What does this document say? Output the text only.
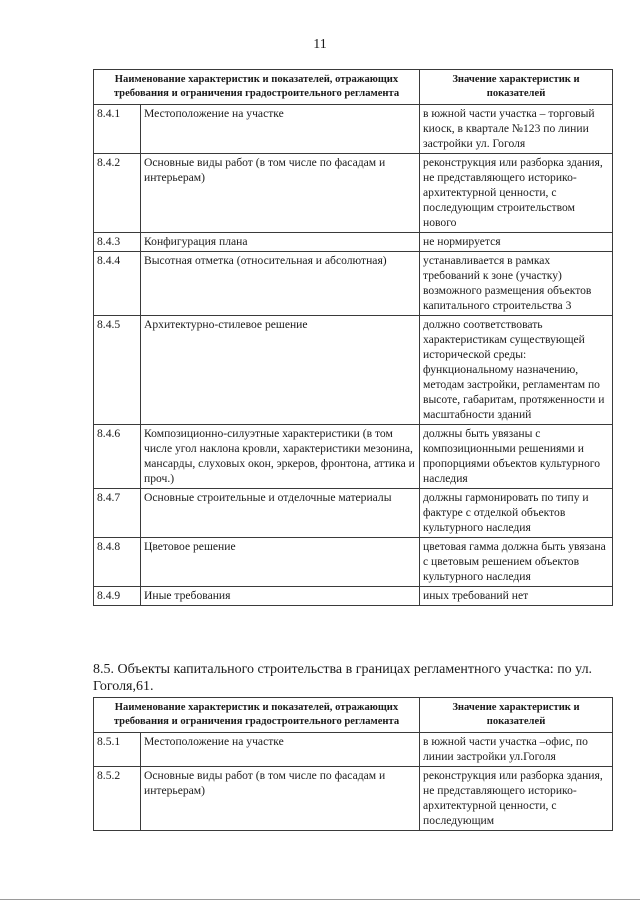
11
Наименование характеристик и показателей, отражающих требования и ограничения градостроительного регламента		Значение характеристик и показателей
8.4.1	Местоположение на участке	в южной части участка – торговый киоск, в квартале №123 по линии застройки ул. Гоголя
8.4.2	Основные виды работ (в том числе по фасадам и интерьерам)	реконструкция или разборка здания, не представляющего историко-архитектурной ценности, с последующим строительством нового
8.4.3	Конфигурация плана	не нормируется
8.4.4	Высотная отметка (относительная и абсолютная)	устанавливается в рамках требований к зоне (участку) возможного размещения объектов капитального строительства 3
8.4.5	Архитектурно-стилевое решение	должно соответствовать характеристикам существующей исторической среды: функциональному назначению, методам застройки, регламентам по высоте, габаритам, протяженности и масштабности зданий
8.4.6	Композиционно-силуэтные характеристики (в том числе угол наклона кровли, характеристики мезонина, мансарды, слуховых окон, эркеров, фронтона, аттика и проч.)	должны быть увязаны с композиционными решениями и пропорциями объектов культурного наследия
8.4.7	Основные строительные и отделочные материалы	должны гармонировать по типу и фактуре с отделкой объектов культурного наследия
8.4.8	Цветовое решение	цветовая гамма должна быть увязана с цветовым решением объектов культурного наследия
8.4.9	Иные требования	иных требований нет
8.5. Объекты капитального строительства в границах регламентного участка: по ул. Гоголя,61.
Наименование характеристик и показателей, отражающих требования и ограничения градостроительного регламента		Значение характеристик и показателей
8.5.1	Местоположение на участке	в южной части участка –офис, по линии застройки ул.Гоголя
8.5.2	Основные виды работ (в том числе по фасадам и интерьерам)	реконструкция или разборка здания, не представляющего историко-архитектурной ценности, с последующим
